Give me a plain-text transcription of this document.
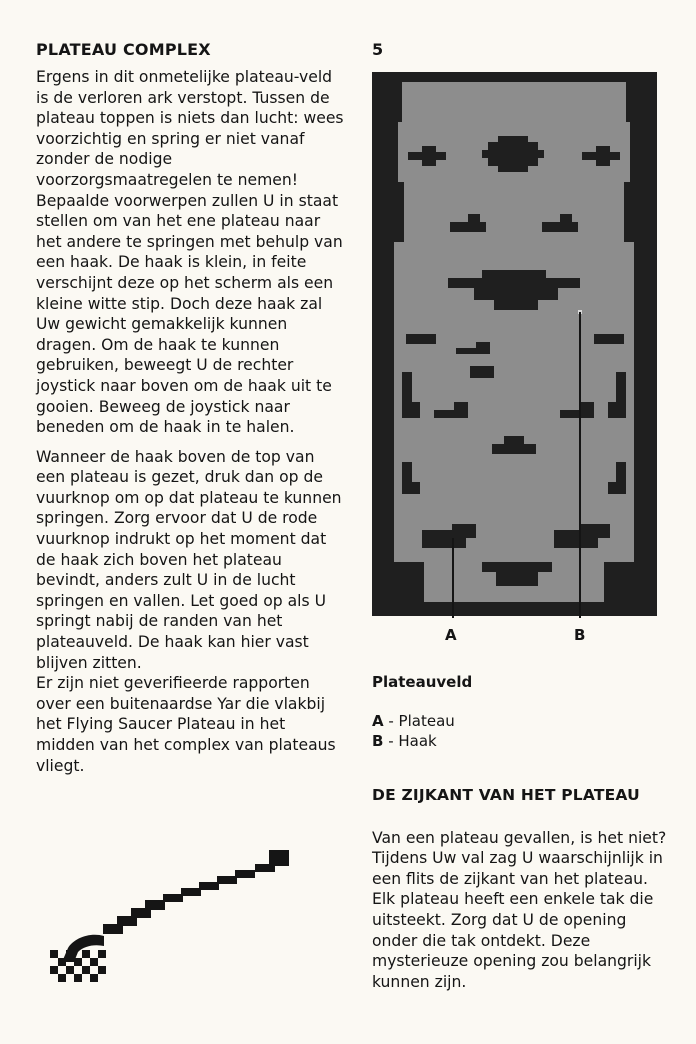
PLATEAU COMPLEX

Ergens in dit onmetelijke plateau-veld is de verloren ark verstopt. Tussen de plateau toppen is niets dan lucht: wees voorzichtig en spring er niet vanaf zonder de nodige voorzorgsmaatregelen te nemen!

Bepaalde voorwerpen zullen U in staat stellen om van het ene plateau naar het andere te springen met behulp van een haak. De haak is klein, in feite verschijnt deze op het scherm als een kleine witte stip. Doch deze haak zal Uw gewicht gemakkelijk kunnen dragen. Om de haak te kunnen gebruiken, beweegt U de rechter joystick naar boven om de haak uit te gooien. Beweeg de joystick naar beneden om de haak in te halen.

Wanneer de haak boven de top van een plateau is gezet, druk dan op de vuurknop om op dat plateau te kunnen springen. Zorg ervoor dat U de rode vuurknop indrukt op het moment dat de haak zich boven het plateau bevindt, anders zult U in de lucht springen en vallen. Let goed op als U springt nabij de randen van het plateauveld. De haak kan hier vast blijven zitten.

Er zijn niet geverifieerde rapporten over een buitenaardse Yar die vlakbij het Flying Saucer Plateau in het midden van het complex van plateaus vliegt.

5
A	B
Plateauveld
A - Plateau
B - Haak
DE ZIJKANT VAN HET PLATEAU

Van een plateau gevallen, is het niet? Tijdens Uw val zag U waarschijnlijk in een flits de zijkant van het plateau. Elk plateau heeft een enkele tak die uitsteekt. Zorg dat U de opening onder die tak ontdekt. Deze mysterieuze opening zou belangrijk kunnen zijn.
